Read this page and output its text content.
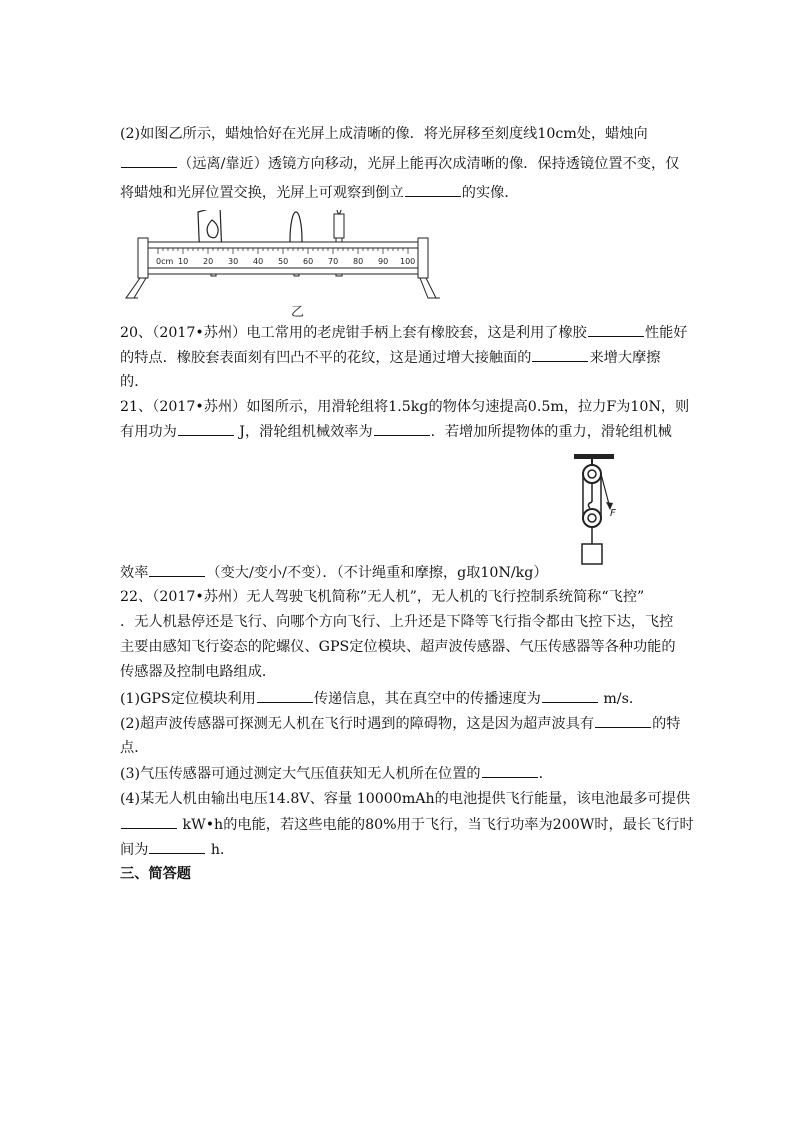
(2)如图乙所示，蜡烛恰好在光屏上成清晰的像．将光屏移至刻度线10cm处，蜡烛向
（远离/靠近）透镜方向移动，光屏上能再次成清晰的像．保持透镜位置不变，仅
将蜡烛和光屏位置交换，光屏上可观察到倒立	的实像．
10 20 30 40 50 60 70 80 90 100
0cm
乙
20、（2017•苏州）电工常用的老虎钳手柄上套有橡胶套，这是利用了橡胶	性能好
的特点．橡胶套表面刻有凹凸不平的花纹，这是通过增大接触面的	来增大摩擦
的．
21、（2017•苏州）如图所示，用滑轮组将1.5kg的物体匀速提高0.5m，拉力F为10N，则
有用功为	J，滑轮组机械效率为	．若增加所提物体的重力，滑轮组机械
F
效率	（变大/变小/不变）．（不计绳重和摩擦，g取10N/kg）
22、（2017•苏州）无人驾驶飞机简称”无人机”，无人机的飞行控制系统简称“飞控”
．无人机悬停还是飞行、向哪个方向飞行、上升还是下降等飞行指令都由飞控下达，飞控
主要由感知飞行姿态的陀螺仪、GPS定位模块、超声波传感器、气压传感器等各种功能的
传感器及控制电路组成．
(1)GPS定位模块利用	传递信息，其在真空中的传播速度为	m/s．
(2)超声波传感器可探测无人机在飞行时遇到的障碍物，这是因为超声波具有	的特
点．
(3)气压传感器可通过测定大气压值获知无人机所在位置的	．
(4)某无人机由输出电压14.8V、容量 10000mAh的电池提供飞行能量，该电池最多可提供
kW•h的电能，若这些电能的80%用于飞行，当飞行功率为200W时，最长飞行时
间为	h．
三、简答题
